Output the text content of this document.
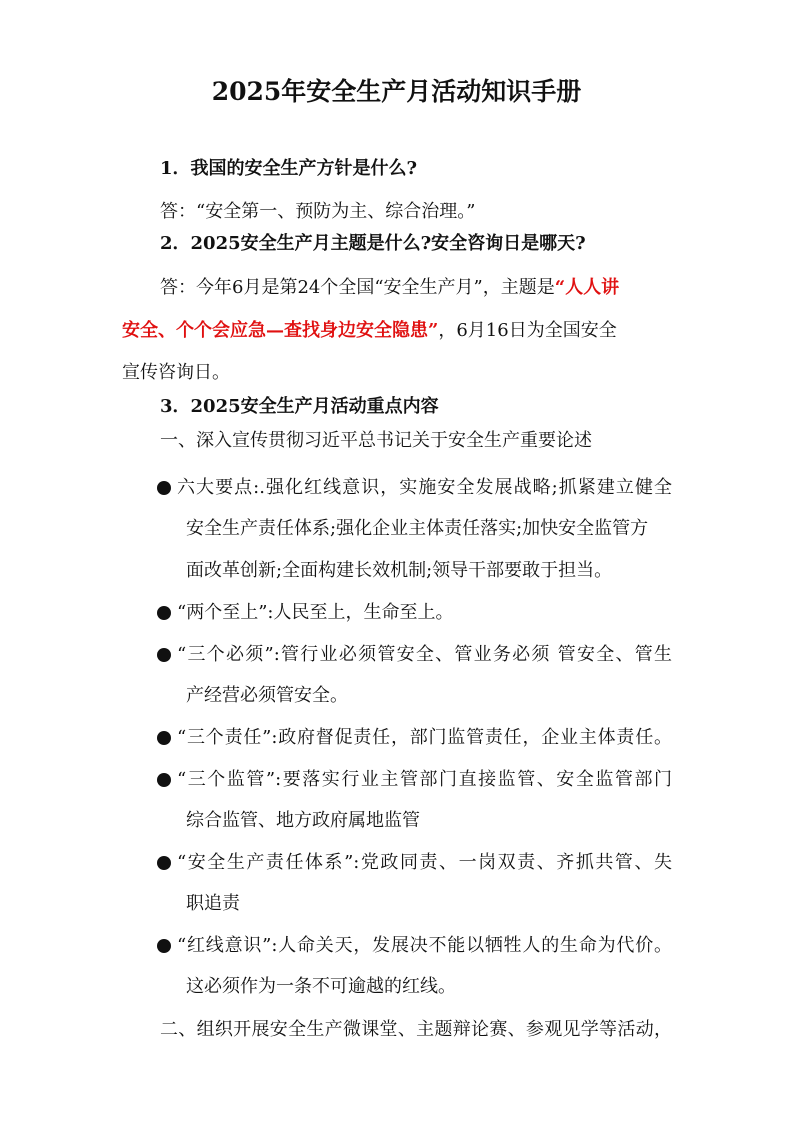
2025年安全生产月活动知识手册
1．我国的安全生产方针是什么?
答：“安全第一、预防为主、综合治理。”
2．2025安全生产月主题是什么?安全咨询日是哪天?
答：今年6月是第24个全国“安全生产月”，主题是“人人讲
安全、个个会应急—查找身边安全隐患”，6月16日为全国安全
宣传咨询日。
3．2025安全生产月活动重点内容
一、深入宣传贯彻习近平总书记关于安全生产重要论述
六大要点:.强化红线意识，实施安全发展战略;抓紧建立健全
安全生产责任体系;强化企业主体责任落实;加快安全监管方
面改革创新;全面构建长效机制;领导干部要敢于担当。
“两个至上”:人民至上，生命至上。
“三个必须”:管行业必须管安全、管业务必须 管安全、管生
产经营必须管安全。
“三个责任”:政府督促责任，部门监管责任，企业主体责任。
“三个监管”:要落实行业主管部门直接监管、安全监管部门
综合监管、地方政府属地监管
“安全生产责任体系”:党政同责、一岗双责、齐抓共管、失
职追责
“红线意识”:人命关天，发展决不能以牺牲人的生命为代价。
这必须作为一条不可逾越的红线。
二、组织开展安全生产微课堂、主题辩论赛、参观见学等活动，
